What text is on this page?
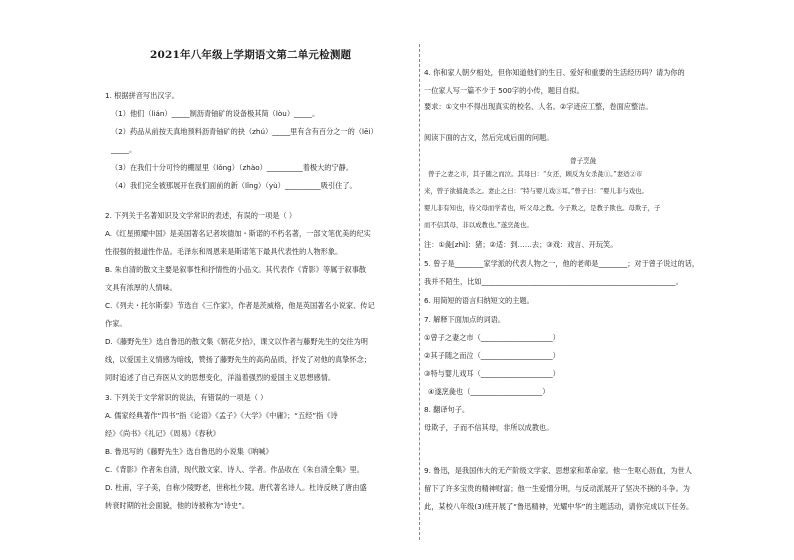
2021年八年级上学期语文第二单元检测题
1. 根据拼音写出汉字。
（1）他们（lián）_____制沥青铀矿的设备极其简（lòu）_____。
（2）药品从前按天真地预料沥青铀矿的抉（zhú）_____里有含有百分之一的（lēi）
_____。
（3）在我们十分可怜的棚屋里（lǒng）（zhào）__________着极大的宁静。
（4）我们完全被那展开在我们面前的新（lǐng）（yù）__________吸引住了。
2. 下列关于名著知识及文学常识的表述，有误的一项是（ ）
A.《红星照耀中国》是美国著名记者埃德加・斯诺的不朽名著，一部文笔优美的纪实
性很强的报道性作品。毛泽东和周恩来是斯诺笔下最具代表性的人物形象。
B. 朱自清的散文主要是叙事性和抒情性的小品文。其代表作《背影》等属于叙事散
文具有浓厚的人情味。
C.《列夫・托尔斯泰》节选自《三作家》，作者是茨威格，他是英国著名小说家、传记
作家。
D.《藤野先生》选自鲁迅的散文集《朝花夕拾》，课文以作者与藤野先生的交往为明
线，以爱国主义情感为暗线，赞扬了藤野先生的高尚品质，抒发了对他的真挚怀念；
同时追述了自己弃医从文的思想变化，洋溢着强烈的爱国主义思想感情。
3. 下列关于文学常识的说法，有错误的一项是（ ）
A. 儒家经典著作“四书”指《论语》《孟子》《大学》《中庸》；“五经”指《诗
经》《尚书》《礼记》《周易》《春秋》
B. 鲁迅写的《藤野先生》选自鲁迅的小说集《呐喊》
C.《背影》作者朱自清，现代散文家、诗人、学者。作品收在《朱自清全集》里。
D. 杜甫，字子美，自称少陵野老，世称杜少陵。唐代著名诗人。杜诗反映了唐由盛
转衰时期的社会面貌，他的诗被称为“诗史”。
4. 你和家人朝夕相处，但你知道他们的生日、爱好和重要的生活经历吗？请为你的
一位家人写一篇不少于 500字的小传，题目自拟。
要求：①文中不得出现真实的校名、人名。②字迹应工整，卷面应整洁。
阅读下面的古文，然后完成后面的问题。
曾子烹彘
曾子之妻之市，其子随之而泣。其母曰：“女还，顾反为女杀彘①。”妻适②市
来，曾子欲捕彘杀之。妻止之曰：“特与婴儿戏③耳。”曾子曰：“婴儿非与戏也。
婴儿非有知也，待父母而学者也，听父母之教。今子欺之，是教子欺也。母欺子，子
而不信其母，非以成教也。”遂烹彘也。
注：①彘[zhì]：猪；②适：到……去；③戏：戏言、开玩笑。
5. 曾子是________家学派的代表人物之一，他的老师是________；对于曾子说过的话，
我并不陌生，比如______________________________________________________。
6. 用简短的语言归纳短文的主题。
7. 解释下面加点的词语。
①曾子之妻之市（____________________）
②其子随之而泣（____________________）
③特与婴儿戏耳（____________________）
④遂烹彘也（____________________）
8. 翻译句子。
母欺子，子而不信其母，非所以成教也。
9. 鲁迅，是我国伟大的无产阶级文学家、思想家和革命家。他一生呕心沥血，为世人
留下了许多宝贵的精神财富；他一生爱憎分明，与反动派展开了坚决不挠的斗争。为
此，某校八年级(3)班开展了“鲁迅精神，光耀中华”的主题活动，请你完成以下任务。
